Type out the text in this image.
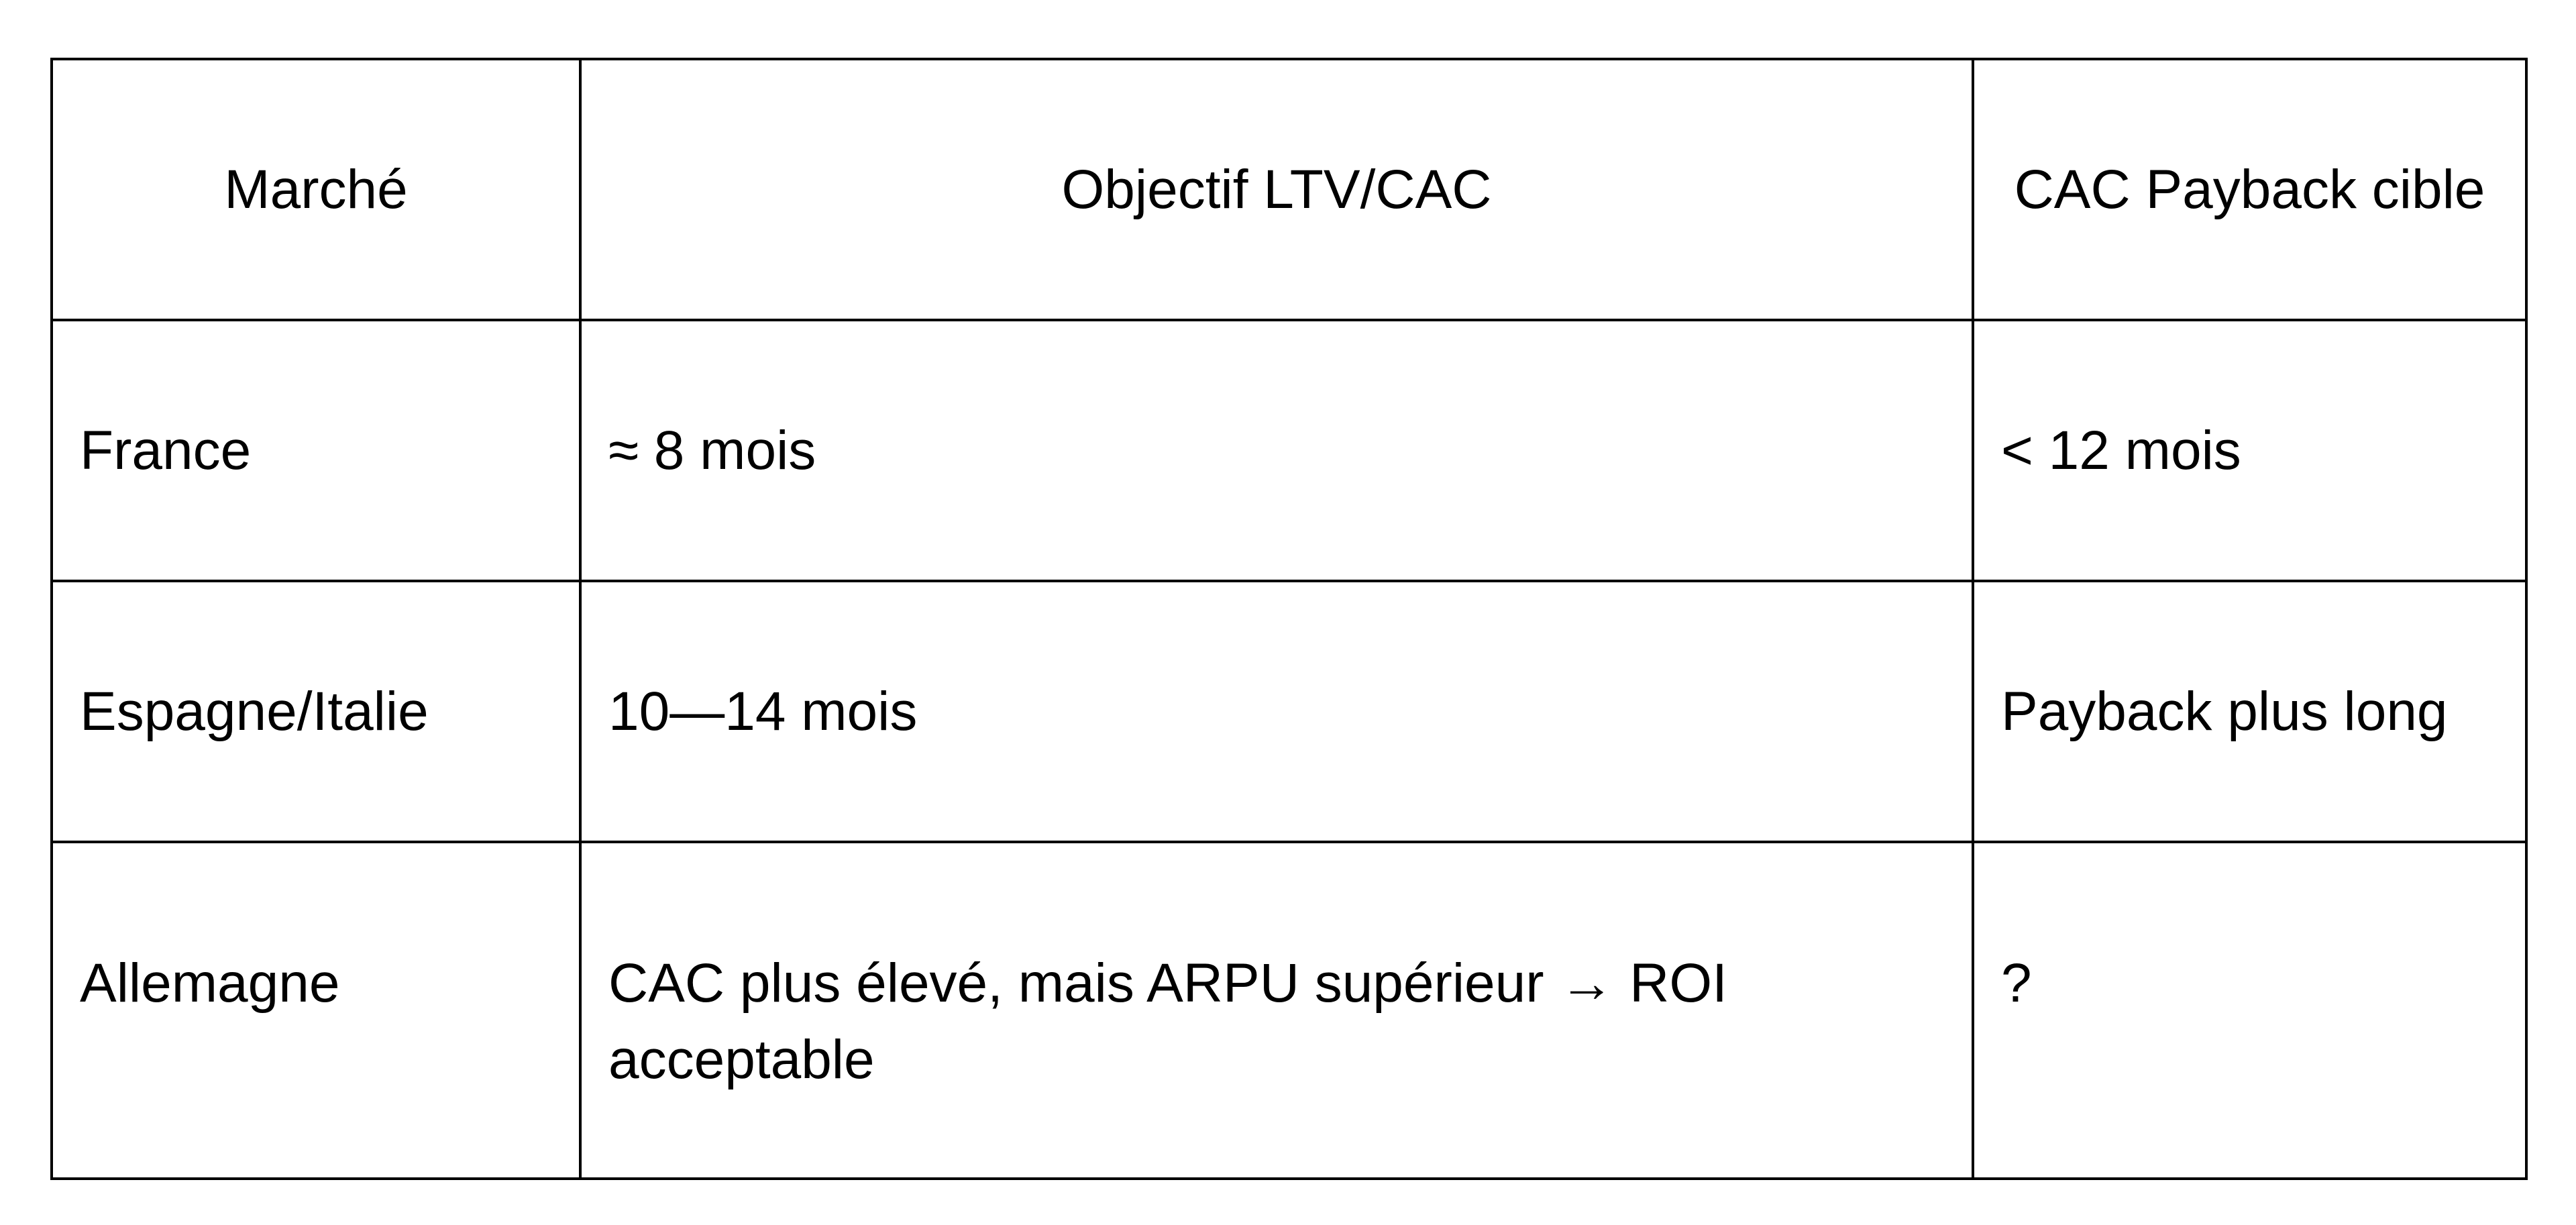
Marché	Objectif LTV/CAC	CAC Payback cible
France	≈ 8 mois	< 12 mois
Espagne/Italie	10—14 mois	Payback plus long
Allemagne	CAC plus élevé, mais ARPU supérieur → ROI acceptable	?
